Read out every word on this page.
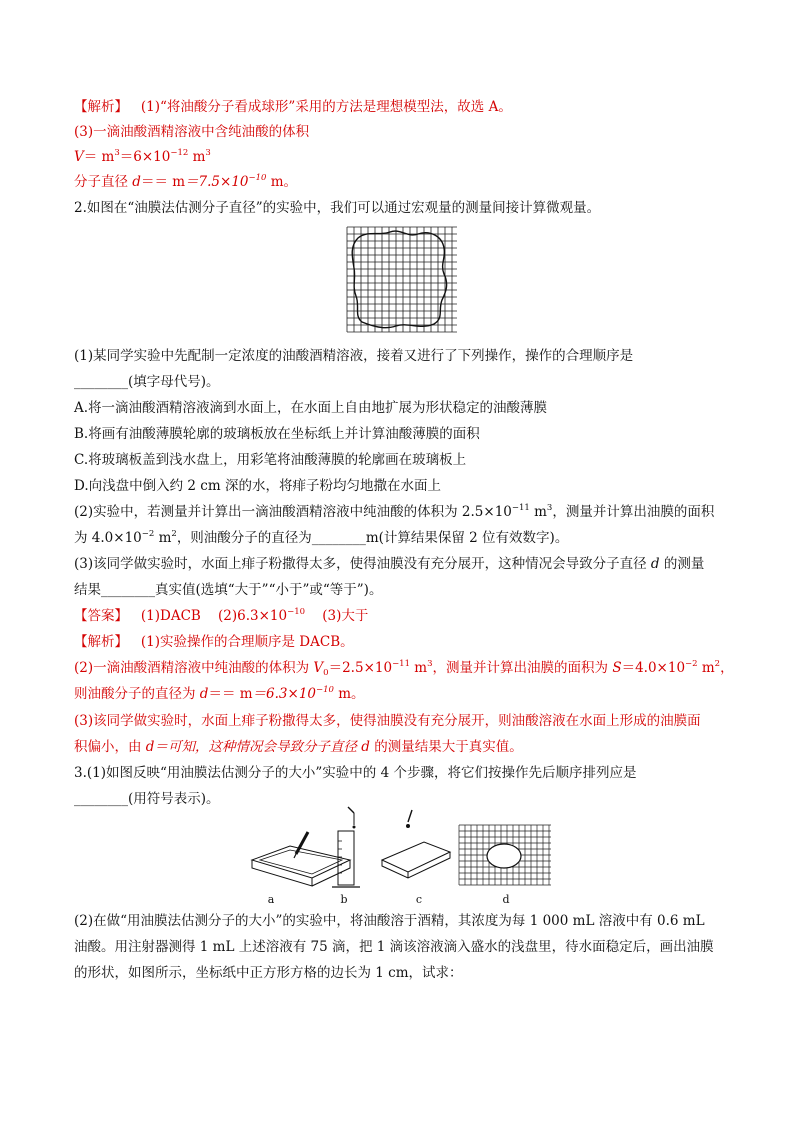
【解析】 (1)“将油酸分子看成球形”采用的方法是理想模型法，故选 A。
(3)一滴油酸酒精溶液中含纯油酸的体积
$V= m^3=6\times 10^{-12}$ $m^3$
分子直径 $d== m=7.5\times 10^{-10}$ m。
2.如图在“油膜法估测分子直径”的实验中，我们可以通过宏观量的测量间接计算微观量。
(1)某同学实验中先配制一定浓度的油酸酒精溶液，接着又进行了下列操作，操作的合理顺序是
________(填字母代号)。
A.将一滴油酸酒精溶液滴到水面上，在水面上自由地扩展为形状稳定的油酸薄膜
B.将画有油酸薄膜轮廓的玻璃板放在坐标纸上并计算油酸薄膜的面积
C.将玻璃板盖到浅水盘上，用彩笔将油酸薄膜的轮廓画在玻璃板上
D.向浅盘中倒入约 2 cm 深的水，将痱子粉均匀地撒在水面上
(2)实验中，若测量并计算出一滴油酸酒精溶液中纯油酸的体积为 $2.5\times 10^{-11}$ $m^3$，测量并计算出油膜的面积
为 $4.0\times 10^{-2}$ $m^2$，则油酸分子的直径为________m(计算结果保留 2 位有效数字)。
(3)该同学做实验时，水面上痱子粉撒得太多，使得油膜没有充分展开，这种情况会导致分子直径 d 的测量
结果________真实值(选填“大于”“小于”或“等于”)。
【答案】 (1)DACB $(2)6.3\times 10^{-10}$ (3)大于
【解析】 (1)实验操作的合理顺序是 DACB。
(2)一滴油酸酒精溶液中纯油酸的体积为 $V_0=2.5\times 10^{-11}$ $m^3$，测量并计算出油膜的面积为 $S=4.0\times 10^{-2}$ $m^2$，
则油酸分子的直径为 $d== m=6.3\times 10^{-10}$ m。
(3)该同学做实验时，水面上痱子粉撒得太多，使得油膜没有充分展开，则油酸溶液在水面上形成的油膜面
积偏小，由 d＝可知，这种情况会导致分子直径 d 的测量结果大于真实值。
3.(1)如图反映“用油膜法估测分子的大小”实验中的 4 个步骤，将它们按操作先后顺序排列应是
________(用符号表示)。
a	b	c	d
(2)在做“用油膜法估测分子的大小”的实验中，将油酸溶于酒精，其浓度为每 1 000 mL 溶液中有 0.6 mL
油酸。用注射器测得 1 mL 上述溶液有 75 滴，把 1 滴该溶液滴入盛水的浅盘里，待水面稳定后，画出油膜
的形状，如图所示，坐标纸中正方形方格的边长为 1 cm，试求：
